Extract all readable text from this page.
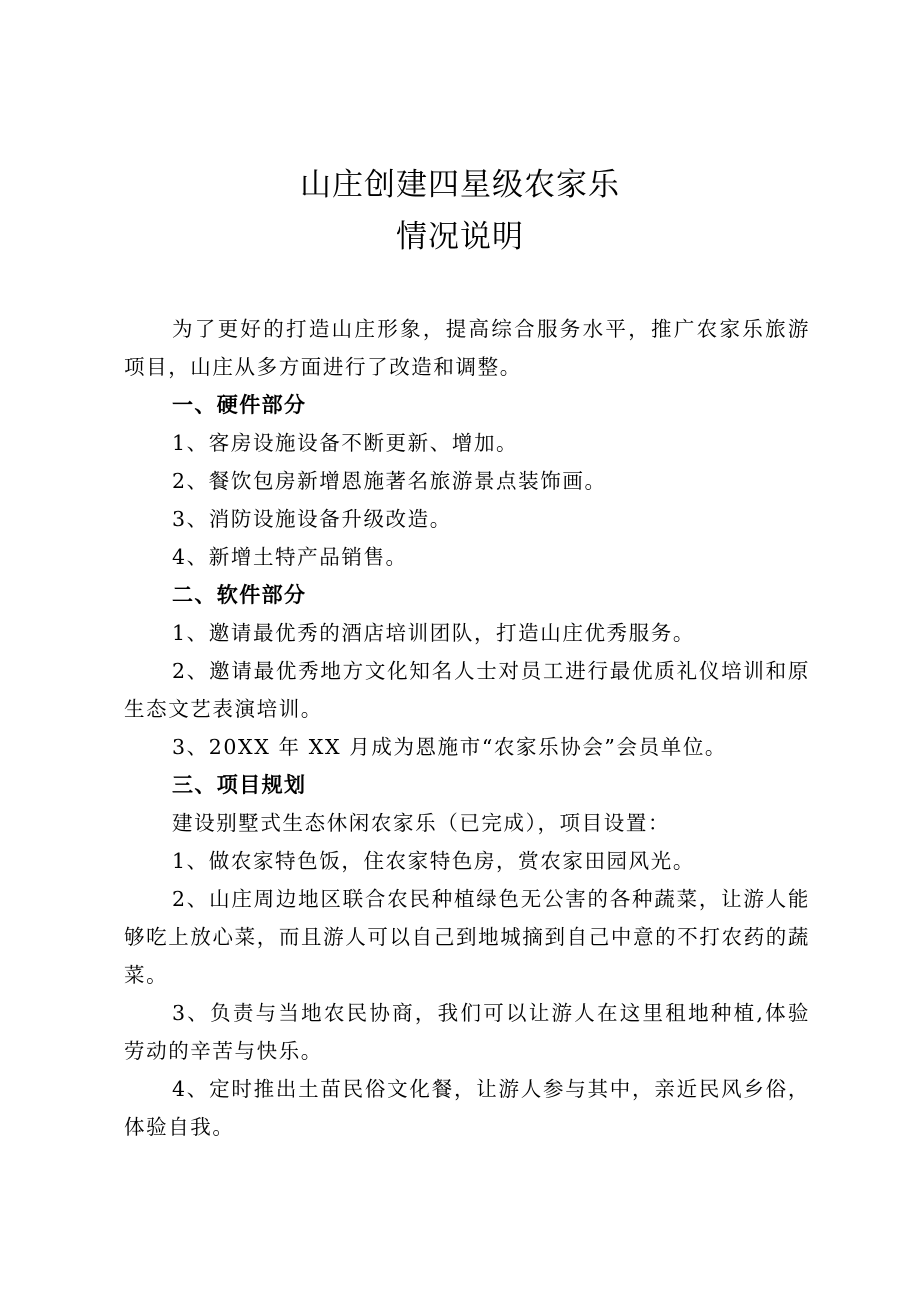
山庄创建四星级农家乐
情况说明

为了更好的打造山庄形象，提高综合服务水平，推广农家乐旅游项目，山庄从多方面进行了改造和调整。

一、硬件部分

1、客房设施设备不断更新、增加。

2、餐饮包房新增恩施著名旅游景点装饰画。

3、消防设施设备升级改造。

4、新增土特产品销售。

二、软件部分

1、邀请最优秀的酒店培训团队，打造山庄优秀服务。

2、邀请最优秀地方文化知名人士对员工进行最优质礼仪培训和原生态文艺表演培训。

3、20XX 年 XX 月成为恩施市“农家乐协会”会员单位。

三、项目规划

建设别墅式生态休闲农家乐（已完成），项目设置：

1、做农家特色饭，住农家特色房，赏农家田园风光。

2、山庄周边地区联合农民种植绿色无公害的各种蔬菜，让游人能够吃上放心菜，而且游人可以自己到地城摘到自己中意的不打农药的蔬菜。

3、负责与当地农民协商，我们可以让游人在这里租地种植,体验劳动的辛苦与快乐。

4、定时推出土苗民俗文化餐，让游人参与其中，亲近民风乡俗，体验自我。
